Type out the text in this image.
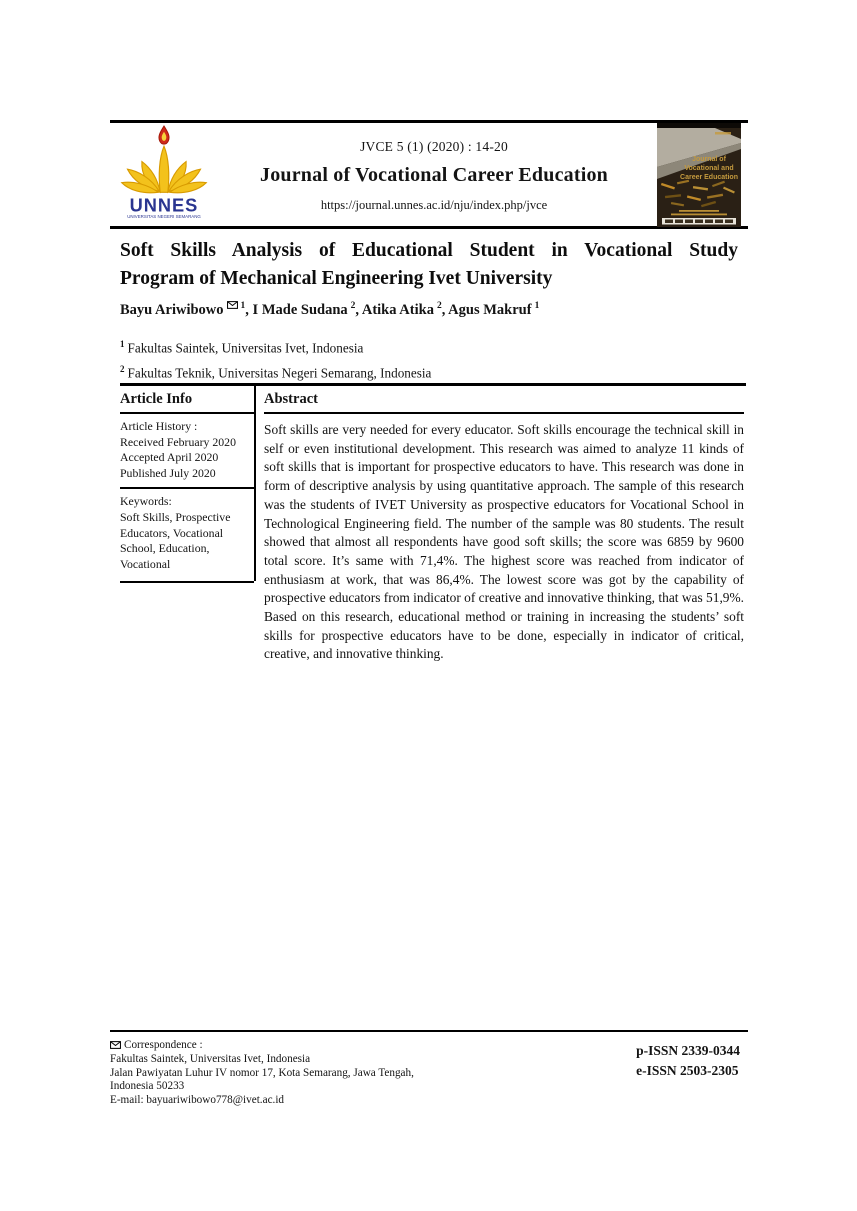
UNNES
UNIVERSITAS NEGERI SEMARANG
JVCE 5 (1) (2020) : 14-20
Journal of Vocational Career Education
https://journal.unnes.ac.id/nju/index.php/jvce
Journal of
Vocational and
Career Education
Soft Skills Analysis of Educational Student in Vocational Study
Program of Mechanical Engineering Ivet University
Bayu Ariwibowo $^1$, I Made Sudana $^2$, Atika Atika $^2$, Agus Makruf $^1$
$^1$ Fakultas Saintek, Universitas Ivet, Indonesia
$^2$ Fakultas Teknik, Universitas Negeri Semarang, Indonesia
Article Info
Article History :
Received February 2020
Accepted April 2020
Published July 2020
Keywords:
Soft Skills, Prospective Educators, Vocational School, Education, Vocational
Abstract
Soft skills are very needed for every educator. Soft skills encourage the technical skill in self or even institutional development. This research was aimed to analyze 11 kinds of soft skills that is important for prospective educators to have. This research was done in form of descriptive analysis by using quantitative approach. The sample of this research was the students of IVET University as prospective educators for Vocational School in Technological Engineering field. The number of the sample was 80 students. The result showed that almost all respondents have good soft skills; the score was 6859 by 9600 total score. It’s same with 71,4%. The highest score was reached from indicator of enthusiasm at work, that was 86,4%. The lowest score was got by the capability of prospective educators from indicator of creative and innovative thinking, that was 51,9%. Based on this research, educational method or training in increasing the students’ soft skills for prospective educators have to be done, especially in indicator of critical, creative, and innovative thinking.
Correspondence :
Fakultas Saintek, Universitas Ivet, Indonesia
Jalan Pawiyatan Luhur IV nomor 17, Kota Semarang, Jawa Tengah,
Indonesia 50233
E-mail: bayuariwibowo778@ivet.ac.id
p-ISSN 2339-0344
e-ISSN 2503-2305
